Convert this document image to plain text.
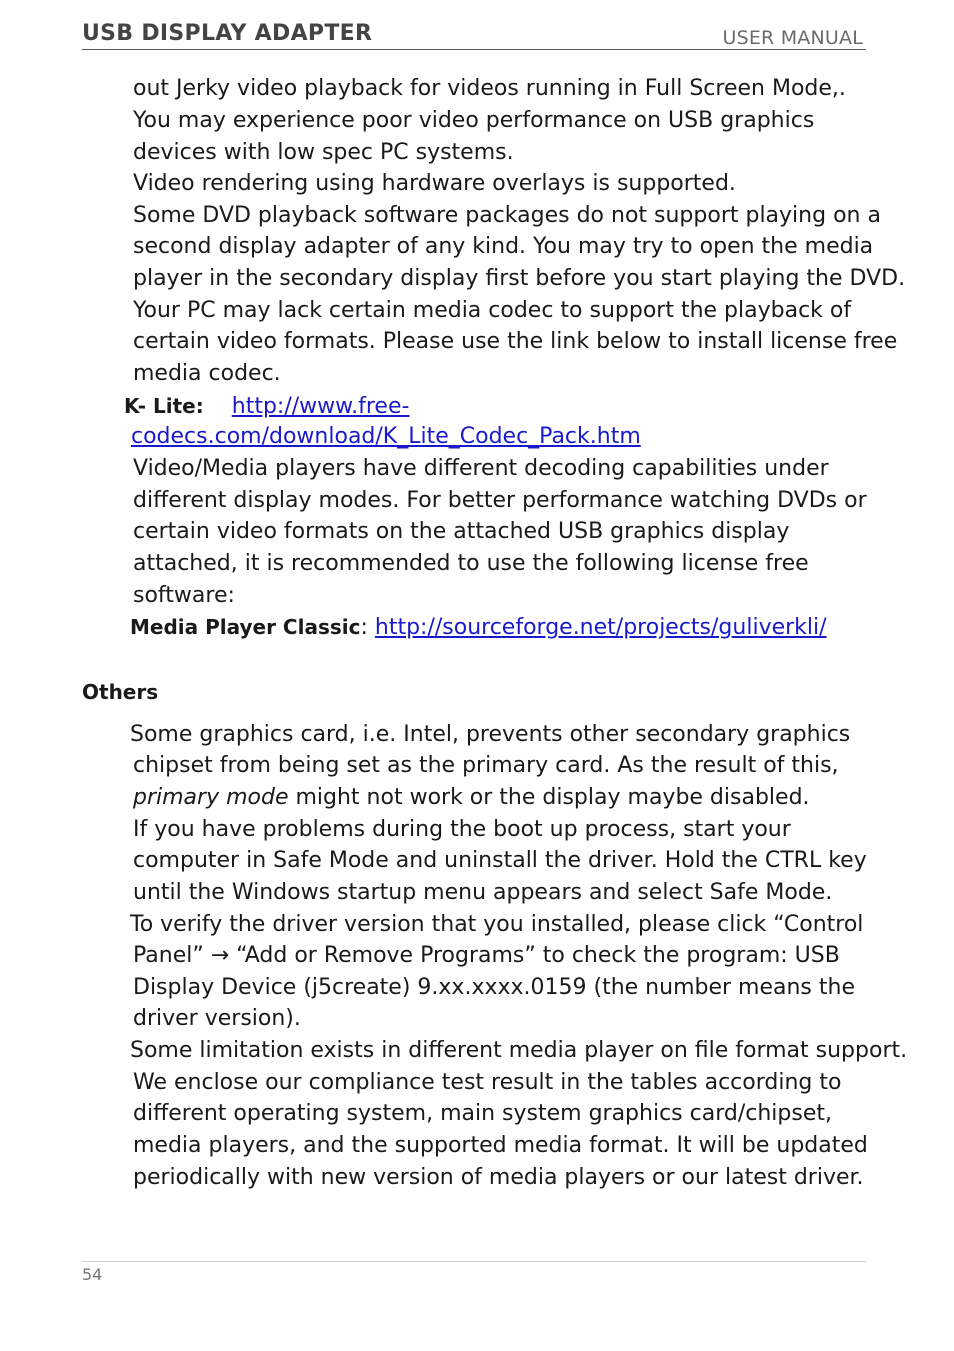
USB DISPLAY ADAPTER	USER MANUAL
out Jerky video playback for videos running in Full Screen Mode,.
You may experience poor video performance on USB graphics
devices with low spec PC systems.
Video rendering using hardware overlays is supported.
Some DVD playback software packages do not support playing on a
second display adapter of any kind. You may try to open the media
player in the secondary display first before you start playing the DVD.
Your PC may lack certain media codec to support the playback of
certain video formats. Please use the link below to install license free
media codec.
K- Lite: http://www.free-
codecs.com/download/K_Lite_Codec_Pack.htm
Video/Media players have different decoding capabilities under
different display modes. For better performance watching DVDs or
certain video formats on the attached USB graphics display
attached, it is recommended to use the following license free
software:
Media Player Classic: http://sourceforge.net/projects/guliverkli/
Others
Some graphics card, i.e. Intel, prevents other secondary graphics
chipset from being set as the primary card. As the result of this,
primary mode might not work or the display maybe disabled.
If you have problems during the boot up process, start your
computer in Safe Mode and uninstall the driver. Hold the CTRL key
until the Windows startup menu appears and select Safe Mode.
To verify the driver version that you installed, please click “Control
Panel” → “Add or Remove Programs” to check the program: USB
Display Device (j5create) 9.xx.xxxx.0159 (the number means the
driver version).
Some limitation exists in different media player on file format support.
We enclose our compliance test result in the tables according to
different operating system, main system graphics card/chipset,
media players, and the supported media format. It will be updated
periodically with new version of media players or our latest driver.
54
